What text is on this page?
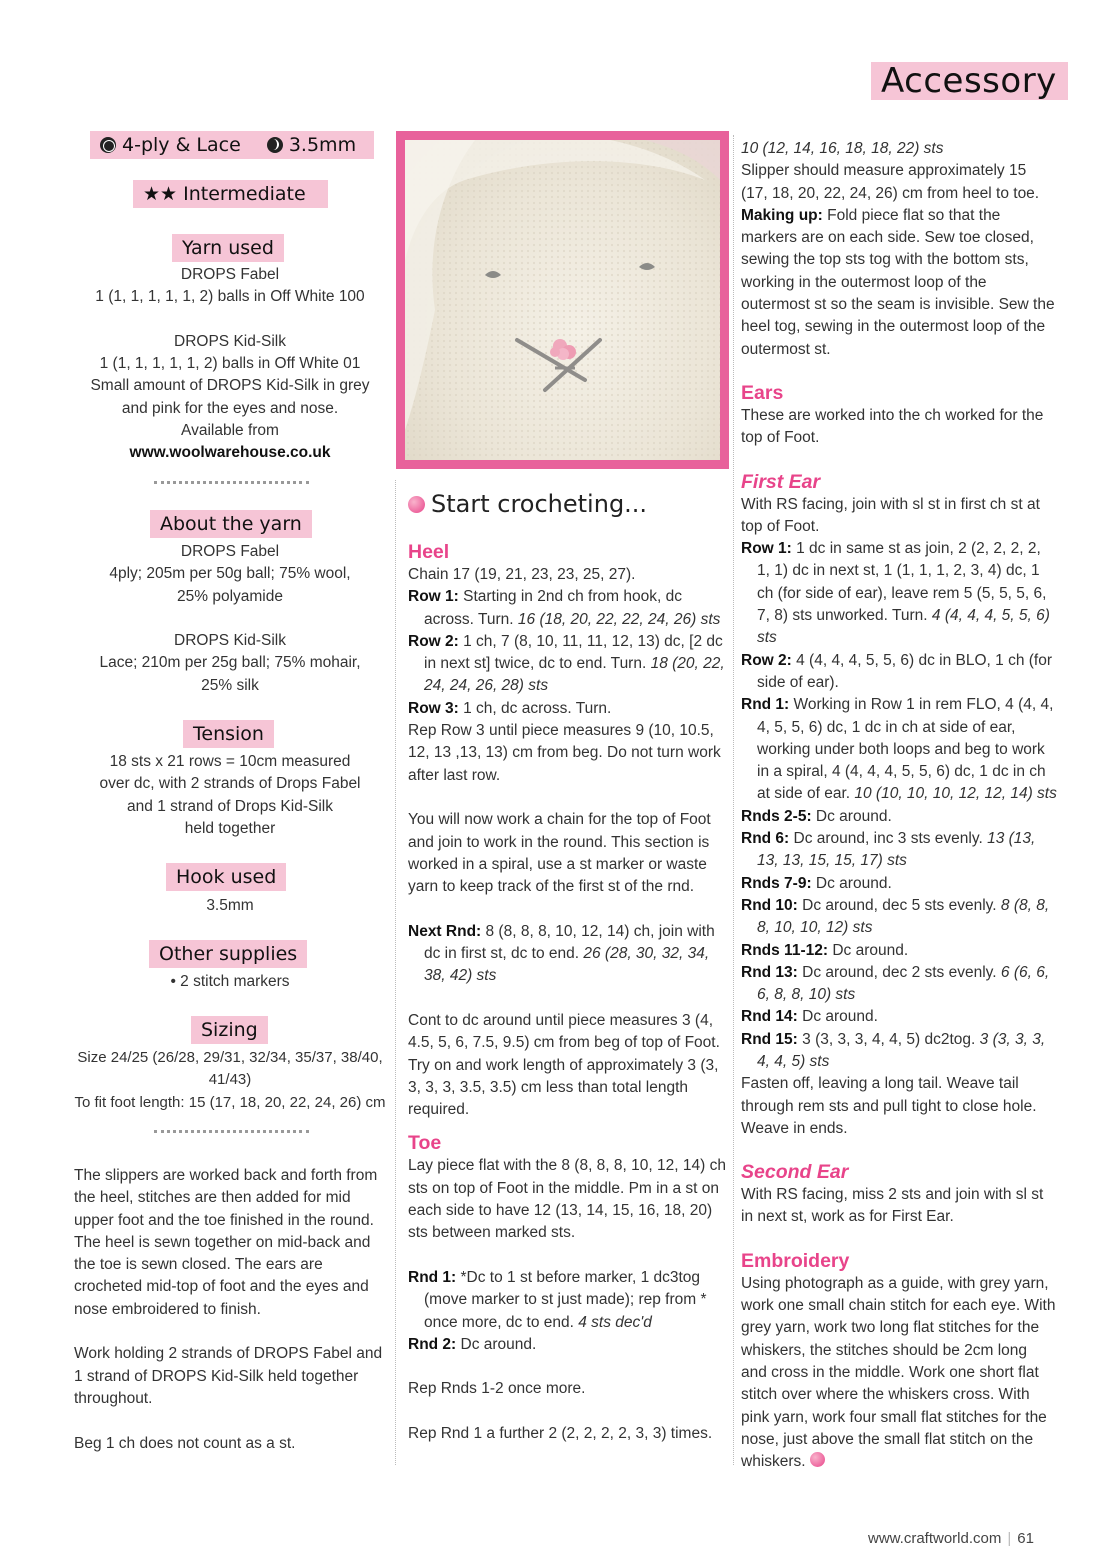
Accessory
4-ply & Lace	3.5mm
★★ Intermediate
Yarn used
DROPS Fabel
1 (1, 1, 1, 1, 1, 2) balls in Off White 100
DROPS Kid-Silk
1 (1, 1, 1, 1, 1, 2) balls in Off White 01
Small amount of DROPS Kid-Silk in grey
and pink for the eyes and nose.
Available from
www.woolwarehouse.co.uk
About the yarn
DROPS Fabel
4ply; 205m per 50g ball; 75% wool,
25% polyamide
DROPS Kid-Silk
Lace; 210m per 25g ball; 75% mohair,
25% silk
Tension
18 sts x 21 rows = 10cm measured
over dc, with 2 strands of Drops Fabel
and 1 strand of Drops Kid-Silk
held together
Hook used
3.5mm
Other supplies
• 2 stitch markers
Sizing
Size 24/25 (26/28, 29/31, 32/34, 35/37, 38/40,
41/43)
To fit foot length: 15 (17, 18, 20, 22, 24, 26) cm

The slippers are worked back and forth from the heel, stitches are then added for mid upper foot and the toe finished in the round. The heel is sewn together on mid-back and the toe is sewn closed. The ears are crocheted mid-top of foot and the eyes and nose embroidered to finish.

Work holding 2 strands of DROPS Fabel and 1 strand of DROPS Kid-Silk held together throughout.

Beg 1 ch does not count as a st.

Start crocheting...
Heel
Chain 17 (19, 21, 23, 23, 25, 27).
Row 1: Starting in 2nd ch from hook, dc across. Turn. 16 (18, 20, 22, 22, 24, 26) sts
Row 2: 1 ch, 7 (8, 10, 11, 11, 12, 13) dc, [2 dc in next st] twice, dc to end. Turn. 18 (20, 22, 24, 24, 26, 28) sts
Row 3: 1 ch, dc across. Turn.
Rep Row 3 until piece measures 9 (10, 10.5, 12, 13 ,13, 13) cm from beg. Do not turn work after last row.
You will now work a chain for the top of Foot and join to work in the round. This section is worked in a spiral, use a st marker or waste yarn to keep track of the first st of the rnd.
Next Rnd: 8 (8, 8, 8, 10, 12, 14) ch, join with dc in first st, dc to end. 26 (28, 30, 32, 34, 38, 42) sts
Cont to dc around until piece measures 3 (4, 4.5, 5, 6, 7.5, 9.5) cm from beg of top of Foot. Try on and work length of approximately 3 (3, 3, 3, 3, 3.5, 3.5) cm less than total length required.
Toe
Lay piece flat with the 8 (8, 8, 8, 10, 12, 14) ch sts on top of Foot in the middle. Pm in a st on each side to have 12 (13, 14, 15, 16, 18, 20) sts between marked sts.
Rnd 1: *Dc to 1 st before marker, 1 dc3tog (move marker to st just made); rep from * once more, dc to end. 4 sts dec'd
Rnd 2: Dc around.
Rep Rnds 1-2 once more.
Rep Rnd 1 a further 2 (2, 2, 2, 2, 3, 3) times.
10 (12, 14, 16, 18, 18, 22) sts
Slipper should measure approximately 15 (17, 18, 20, 22, 24, 26) cm from heel to toe.
Making up: Fold piece flat so that the markers are on each side. Sew toe closed, sewing the top sts tog with the bottom sts, working in the outermost loop of the outermost st so the seam is invisible. Sew the heel tog, sewing in the outermost loop of the outermost st.
Ears
These are worked into the ch worked for the top of Foot.
First Ear
With RS facing, join with sl st in first ch st at top of Foot.
Row 1: 1 dc in same st as join, 2 (2, 2, 2, 2, 1, 1) dc in next st, 1 (1, 1, 1, 2, 3, 4) dc, 1 ch (for side of ear), leave rem 5 (5, 5, 5, 6, 7, 8) sts unworked. Turn. 4 (4, 4, 4, 5, 5, 6) sts
Row 2: 4 (4, 4, 4, 5, 5, 6) dc in BLO, 1 ch (for side of ear).
Rnd 1: Working in Row 1 in rem FLO, 4 (4, 4, 4, 5, 5, 6) dc, 1 dc in ch at side of ear, working under both loops and beg to work in a spiral, 4 (4, 4, 4, 5, 5, 6) dc, 1 dc in ch at side of ear. 10 (10, 10, 10, 12, 12, 14) sts
Rnds 2-5: Dc around.
Rnd 6: Dc around, inc 3 sts evenly. 13 (13, 13, 13, 15, 15, 17) sts
Rnds 7-9: Dc around.
Rnd 10: Dc around, dec 5 sts evenly. 8 (8, 8, 8, 10, 10, 12) sts
Rnds 11-12: Dc around.
Rnd 13: Dc around, dec 2 sts evenly. 6 (6, 6, 6, 8, 8, 10) sts
Rnd 14: Dc around.
Rnd 15: 3 (3, 3, 3, 4, 4, 5) dc2tog. 3 (3, 3, 3, 4, 4, 5) sts
Fasten off, leaving a long tail. Weave tail through rem sts and pull tight to close hole. Weave in ends.
Second Ear
With RS facing, miss 2 sts and join with sl st in next st, work as for First Ear.
Embroidery
Using photograph as a guide, with grey yarn, work one small chain stitch for each eye. With grey yarn, work two long flat stitches for the whiskers, the stitches should be 2cm long and cross in the middle. Work one short flat stitch over where the whiskers cross. With pink yarn, work four small flat stitches for the nose, just above the small flat stitch on the whiskers.
www.craftworld.com | 61
